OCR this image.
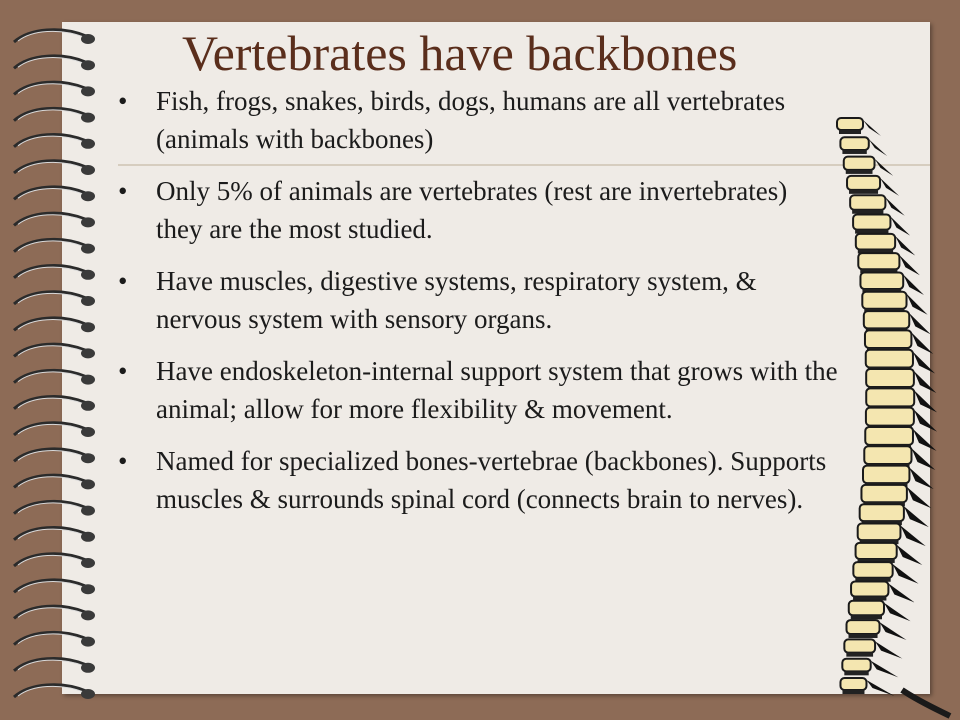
Vertebrates have backbones
• Fish, frogs, snakes, birds, dogs, humans are all vertebrates (animals with backbones)
• Only 5% of animals are vertebrates (rest are invertebrates) they are the most studied.
• Have muscles, digestive systems, respiratory system, & nervous system with sensory organs.
• Have endoskeleton-internal support system that grows with the animal; allow for more flexibility & movement.
• Named for specialized bones-vertebrae (backbones). Supports muscles & surrounds spinal cord (connects brain to nerves).
